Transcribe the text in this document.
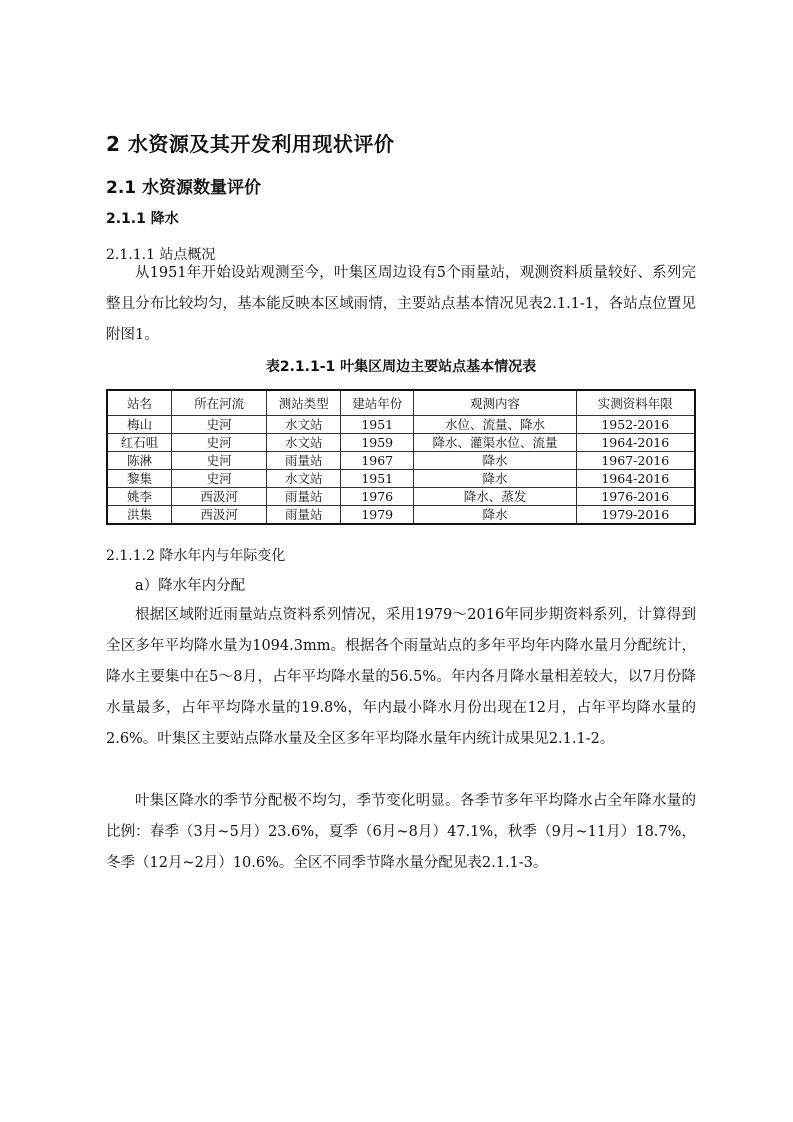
2 水资源及其开发利用现状评价
2.1 水资源数量评价
2.1.1 降水
2.1.1.1 站点概况

从1951年开始设站观测至今，叶集区周边设有5个雨量站，观测资料质量较好、系列完整且分布比较均匀，基本能反映本区域雨情，主要站点基本情况见表2.1.1-1，各站点位置见附图1。

表2.1.1-1 叶集区周边主要站点基本情况表
站名	所在河流	测站类型	建站年份	观测内容	实测资料年限
梅山	史河	水文站	1951	水位、流量、降水	1952-2016
红石咀	史河	水文站	1959	降水、灌渠水位、流量	1964-2016
陈淋	史河	雨量站	1967	降水	1967-2016
黎集	史河	水文站	1951	降水	1964-2016
姚李	西汲河	雨量站	1976	降水、蒸发	1976-2016
洪集	西汲河	雨量站	1979	降水	1979-2016
2.1.1.2 降水年内与年际变化
a）降水年内分配

根据区域附近雨量站点资料系列情况，采用1979～2016年同步期资料系列，计算得到全区多年平均降水量为1094.3mm。根据各个雨量站点的多年平均年内降水量月分配统计，降水主要集中在5～8月，占年平均降水量的56.5%。年内各月降水量相差较大，以7月份降水量最多，占年平均降水量的19.8%，年内最小降水月份出现在12月，占年平均降水量的2.6%。叶集区主要站点降水量及全区多年平均降水量年内统计成果见2.1.1-2。

叶集区降水的季节分配极不均匀，季节变化明显。各季节多年平均降水占全年降水量的比例：春季（3月~5月）23.6%，夏季（6月~8月）47.1%，秋季（9月~11月）18.7%，冬季（12月~2月）10.6%。全区不同季节降水量分配见表2.1.1-3。
